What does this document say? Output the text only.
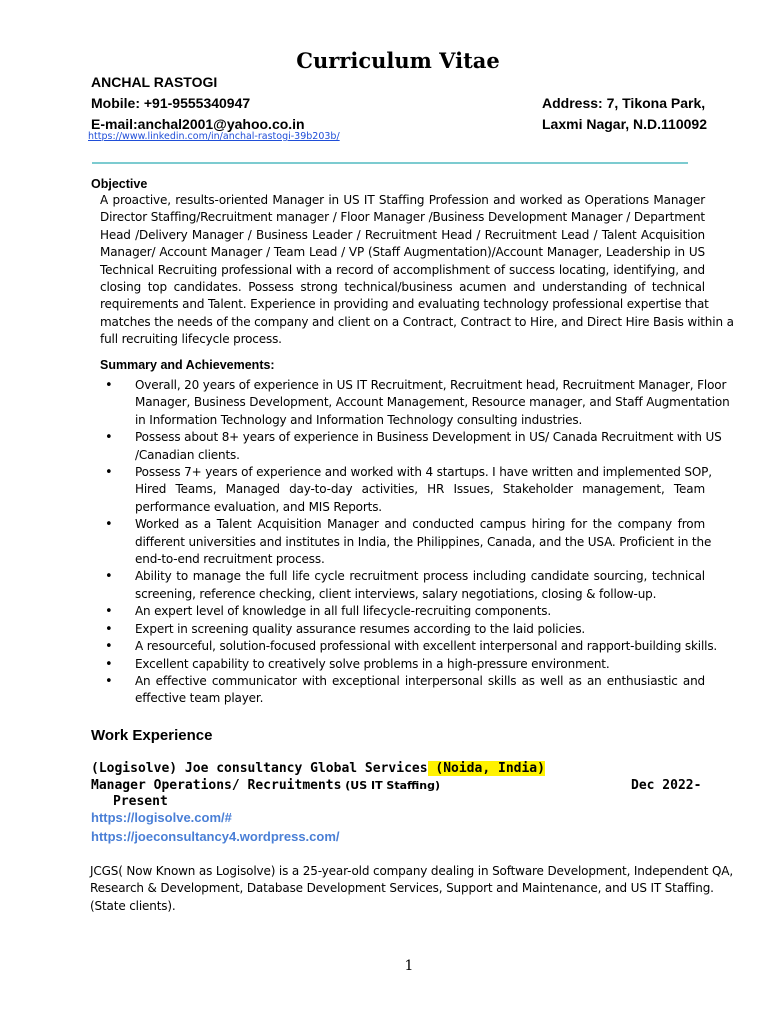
Curriculum Vitae
ANCHAL RASTOGI
Mobile: +91-9555340947
E-mail:anchal2001@yahoo.co.in
https://www.linkedin.com/in/anchal-rastogi-39b203b/
Address: 7, Tikona Park,
Laxmi Nagar, N.D.110092
Objective
A proactive, results-oriented Manager in US IT Staffing Profession and worked as Operations Manager
Director Staffing/Recruitment manager / Floor Manager /Business Development Manager / Department
Head /Delivery Manager / Business Leader / Recruitment Head / Recruitment Lead / Talent Acquisition
Manager/ Account Manager / Team Lead / VP (Staff Augmentation)/Account Manager, Leadership in US
Technical Recruiting professional with a record of accomplishment of success locating, identifying, and
closing top candidates. Possess strong technical/business acumen and understanding of technical
requirements and Talent. Experience in providing and evaluating technology professional expertise that
matches the needs of the company and client on a Contract, Contract to Hire, and Direct Hire Basis within a
full recruiting lifecycle process.
Summary and Achievements:
• Overall, 20 years of experience in US IT Recruitment, Recruitment head, Recruitment Manager, Floor
Manager, Business Development, Account Management, Resource manager, and Staff Augmentation
in Information Technology and Information Technology consulting industries.
• Possess about 8+ years of experience in Business Development in US/ Canada Recruitment with US
/Canadian clients.
• Possess 7+ years of experience and worked with 4 startups. I have written and implemented SOP,
Hired Teams, Managed day-to-day activities, HR Issues, Stakeholder management, Team
performance evaluation, and MIS Reports.
• Worked as a Talent Acquisition Manager and conducted campus hiring for the company from
different universities and institutes in India, the Philippines, Canada, and the USA. Proficient in the
end-to-end recruitment process.
• Ability to manage the full life cycle recruitment process including candidate sourcing, technical
screening, reference checking, client interviews, salary negotiations, closing & follow-up.
• An expert level of knowledge in all full lifecycle-recruiting components.
• Expert in screening quality assurance resumes according to the laid policies.
• A resourceful, solution-focused professional with excellent interpersonal and rapport-building skills.
• Excellent capability to creatively solve problems in a high-pressure environment.
• An effective communicator with exceptional interpersonal skills as well as an enthusiastic and
effective team player.
Work Experience
(Logisolve) Joe consultancy Global Services (Noida, India)
Manager Operations/ Recruitments (US IT Staffing)	Dec 2022-
Present
https://logisolve.com/#
https://joeconsultancy4.wordpress.com/
JCGS( Now Known as Logisolve) is a 25-year-old company dealing in Software Development, Independent QA,
Research & Development, Database Development Services, Support and Maintenance, and US IT Staffing.
(State clients).
1
